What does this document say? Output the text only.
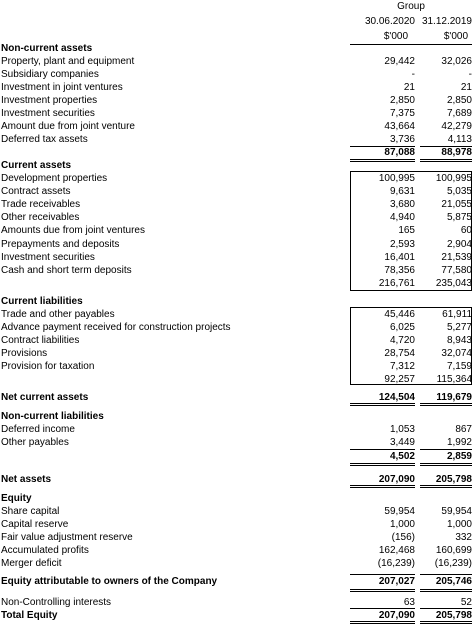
Group
30.06.2020 31.12.2019
$'000	$'000
Non-current assets
Property, plant and equipment	29,442	32,026
Subsidiary companies	-	-
Investment in joint ventures	21	21
Investment properties	2,850	2,850
Investment securities	7,375	7,689
Amount due from joint venture	43,664	42,279
Deferred tax assets	3,736	4,113
87,088	88,978
Current assets
Development properties	100,995	100,995
Contract assets	9,631	5,035
Trade receivables	3,680	21,055
Other receivables	4,940	5,875
Amounts due from joint ventures	165	60
Prepayments and deposits	2,593	2,904
Investment securities	16,401	21,539
Cash and short term deposits	78,356	77,580
216,761	235,043
Current liabilities
Trade and other payables	45,446	61,911
Advance payment received for construction projects	6,025	5,277
Contract liabilities	4,720	8,943
Provisions	28,754	32,074
Provision for taxation	7,312	7,159
92,257	115,364
Net current assets	124,504	119,679
Non-current liabilities
Deferred income	1,053	867
Other payables	3,449	1,992
4,502	2,859
Net assets	207,090	205,798
Equity
Share capital	59,954	59,954
Capital reserve	1,000	1,000
Fair value adjustment reserve	(156)	332
Accumulated profits	162,468	160,699
Merger deficit	(16,239)	(16,239)
Equity attributable to owners of the Company	207,027	205,746
Non-Controlling interests	63	52
Total Equity	207,090	205,798
